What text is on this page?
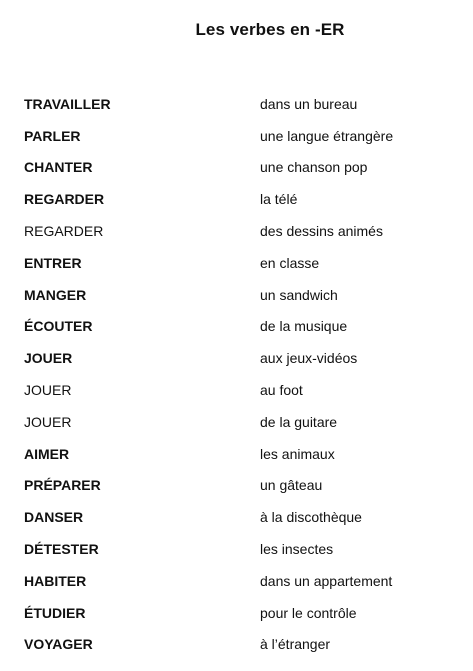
Les verbes en -ER
TRAVAILLER	dans un bureau
PARLER	une langue étrangère
CHANTER	une chanson pop
REGARDER	la télé
REGARDER	des dessins animés
ENTRER	en classe
MANGER	un sandwich
ÉCOUTER	de la musique
JOUER	aux jeux-vidéos
JOUER	au foot
JOUER	de la guitare
AIMER	les animaux
PRÉPARER	un gâteau
DANSER	à la discothèque
DÉTESTER	les insectes
HABITER	dans un appartement
ÉTUDIER	pour le contrôle
VOYAGER	à l’étranger
